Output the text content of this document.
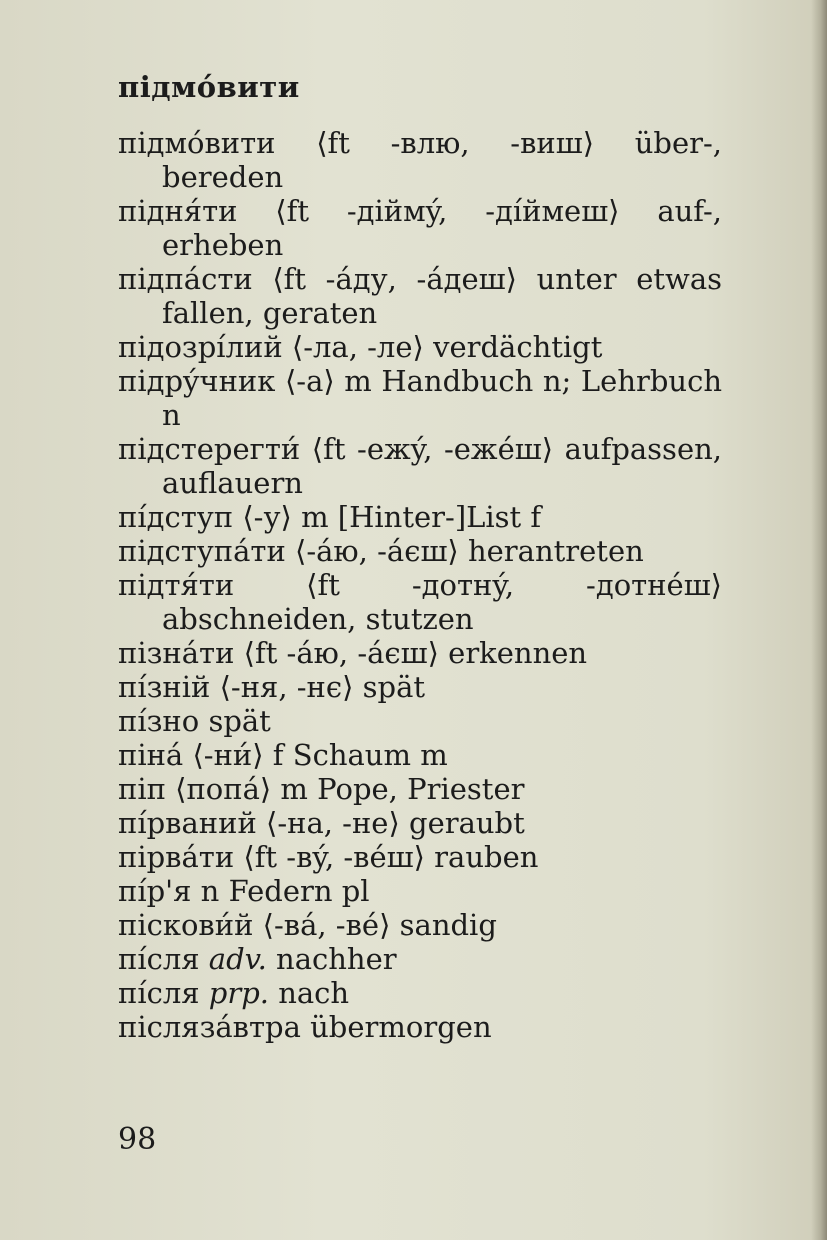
підмóвити

підмóвити ⟨ft -влю, -виш⟩ über-, bereden

підня́ти ⟨ft -діймý, -ді́ймеш⟩ auf-, erheben

підпáсти ⟨ft -áду, -áдеш⟩ unter etwas fallen, geraten

підозрі́лий ⟨-ла, -ле⟩ verdächtigt

підрýчник ⟨-а⟩ m Handbuch n; Lehrbuch n

підстерегти́ ⟨ft -ежý, -ежéш⟩ aufpassen, auflauern

пі́дступ ⟨-у⟩ m [Hinter-]List f

підступáти ⟨-áю, -áєш⟩ herantreten

підтя́ти ⟨ft -дотнý, -дотнéш⟩ abschneiden, stutzen

пізнáти ⟨ft -áю, -áєш⟩ erkennen

пі́зній ⟨-ня, -нє⟩ spät

пі́зно spät

пінá ⟨-ни́⟩ f Schaum m

піп ⟨попá⟩ m Pope, Priester

пі́рваний ⟨-на, -не⟩ geraubt

пірвáти ⟨ft -вý, -вéш⟩ rauben

пі́р'я n Federn pl

піскови́й ⟨-вá, -вé⟩ sandig

пі́сля adv. nachher

пі́сля prp. nach

післязáвтра übermorgen

98
